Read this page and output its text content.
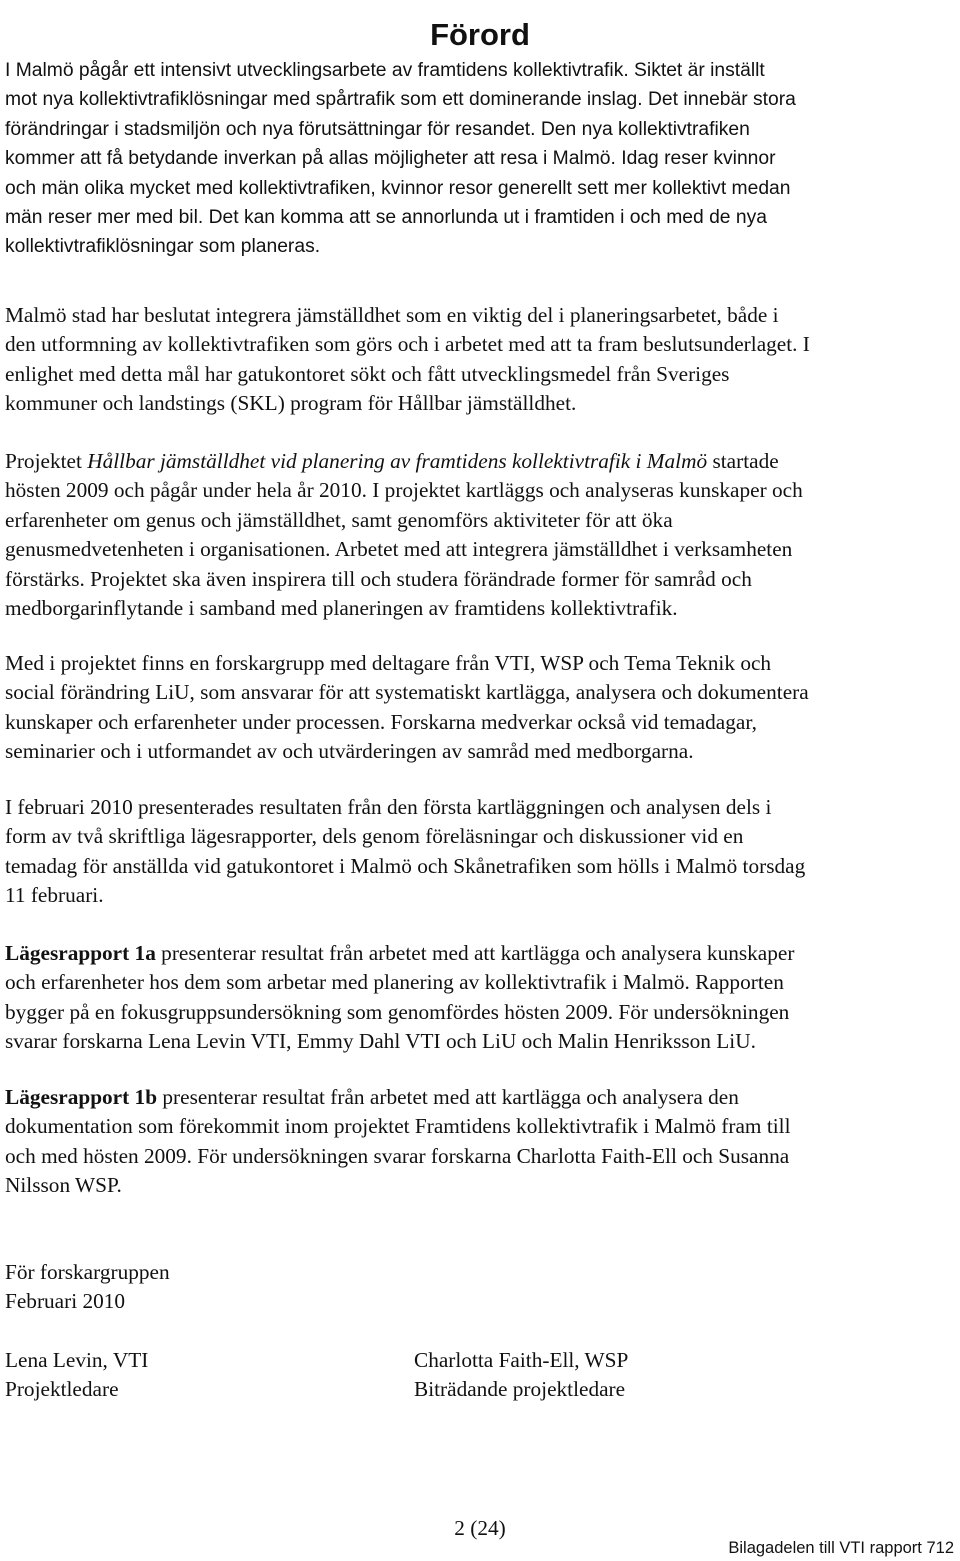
Förord

I Malmö pågår ett intensivt utvecklingsarbete av framtidens kollektivtrafik. Siktet är inställt
mot nya kollektivtrafiklösningar med spårtrafik som ett dominerande inslag. Det innebär stora
förändringar i stadsmiljön och nya förutsättningar för resandet. Den nya kollektivtrafiken
kommer att få betydande inverkan på allas möjligheter att resa i Malmö. Idag reser kvinnor
och män olika mycket med kollektivtrafiken, kvinnor resor generellt sett mer kollektivt medan
män reser mer med bil. Det kan komma att se annorlunda ut i framtiden i och med de nya
kollektivtrafiklösningar som planeras.

Malmö stad har beslutat integrera jämställdhet som en viktig del i planeringsarbetet, både i
den utformning av kollektivtrafiken som görs och i arbetet med att ta fram beslutsunderlaget. I
enlighet med detta mål har gatukontoret sökt och fått utvecklingsmedel från Sveriges
kommuner och landstings (SKL) program för Hållbar jämställdhet.

Projektet Hållbar jämställdhet vid planering av framtidens kollektivtrafik i Malmö startade
hösten 2009 och pågår under hela år 2010. I projektet kartläggs och analyseras kunskaper och
erfarenheter om genus och jämställdhet, samt genomförs aktiviteter för att öka
genusmedvetenheten i organisationen. Arbetet med att integrera jämställdhet i verksamheten
förstärks. Projektet ska även inspirera till och studera förändrade former för samråd och
medborgarinflytande i samband med planeringen av framtidens kollektivtrafik.

Med i projektet finns en forskargrupp med deltagare från VTI, WSP och Tema Teknik och
social förändring LiU, som ansvarar för att systematiskt kartlägga, analysera och dokumentera
kunskaper och erfarenheter under processen. Forskarna medverkar också vid temadagar,
seminarier och i utformandet av och utvärderingen av samråd med medborgarna.

I februari 2010 presenterades resultaten från den första kartläggningen och analysen dels i
form av två skriftliga lägesrapporter, dels genom föreläsningar och diskussioner vid en
temadag för anställda vid gatukontoret i Malmö och Skånetrafiken som hölls i Malmö torsdag
11 februari.

Lägesrapport 1a presenterar resultat från arbetet med att kartlägga och analysera kunskaper
och erfarenheter hos dem som arbetar med planering av kollektivtrafik i Malmö. Rapporten
bygger på en fokusgruppsundersökning som genomfördes hösten 2009. För undersökningen
svarar forskarna Lena Levin VTI, Emmy Dahl VTI och LiU och Malin Henriksson LiU.

Lägesrapport 1b presenterar resultat från arbetet med att kartlägga och analysera den
dokumentation som förekommit inom projektet Framtidens kollektivtrafik i Malmö fram till
och med hösten 2009. För undersökningen svarar forskarna Charlotta Faith-Ell och Susanna
Nilsson WSP.

För forskargruppen
Februari 2010
Lena Levin, VTI
Projektledare
Charlotta Faith-Ell, WSP
Biträdande projektledare
2 (24)
Bilagadelen till VTI rapport 712
